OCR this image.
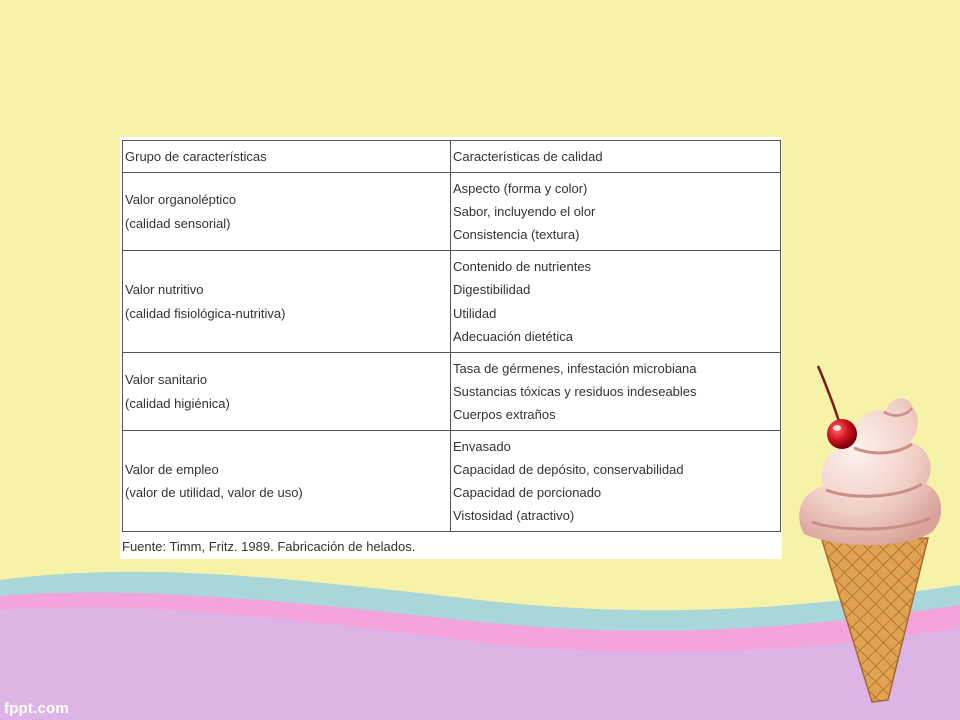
Grupo de características	Características de calidad

Valor organoléptico
(calidad sensorial)	Aspecto (forma y color)
Sabor, incluyendo el olor
Consistencia (textura)

Valor nutritivo
(calidad fisiológica-nutritiva)	Contenido de nutrientes
Digestibilidad
Utilidad
Adecuación dietética

Valor sanitario
(calidad higiénica)	Tasa de gérmenes, infestación microbiana
Sustancias tóxicas y residuos indeseables
Cuerpos extraños

Valor de empleo
(valor de utilidad, valor de uso)	Envasado
Capacidad de depósito, conservabilidad
Capacidad de porcionado
Vistosidad (atractivo)
Fuente: Timm, Fritz. 1989. Fabricación de helados.
fppt.com
